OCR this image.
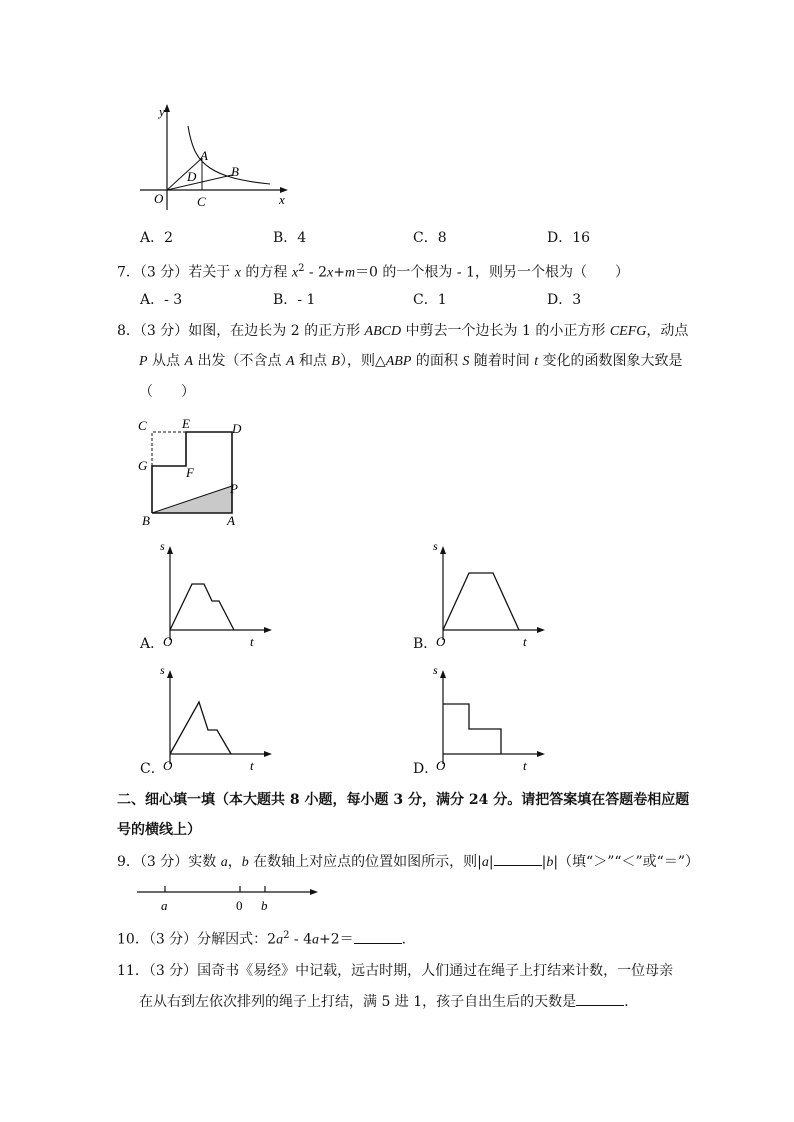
y
x
O
A
B
C
D
A．2	B．4	C．8	D．16
7．（3 分）若关于 x 的方程 $x^2 - 2x+m=0$ 的一个根为 - 1，则另一个根为（　　）
A．- 3	B．- 1	C．1	D．3
8．（3 分）如图，在边长为 2 的正方形 ABCD 中剪去一个边长为 1 的小正方形 CEFG，动点
P 从点 A 出发（不含点 A 和点 B），则△ABP 的面积 S 随着时间 t 变化的函数图象大致是
（　　）
C	E	D
G	F
P
B	A
A．
s
O	t	B．
s
O	t
C．
s
O	t	D．
s
O	t
二、细心填一填（本大题共 8 小题，每小题 3 分，满分 24 分。请把答案填在答题卷相应题
号的横线上）
9．（3 分）实数 a，b 在数轴上对应点的位置如图所示，则|a|	|b|（填“＞”“＜”或“＝”）
a	0 b
10．（3 分）分解因式：$2a^2 - 4a+2=$	.
11．（3 分）国奇书《易经》中记载，远古时期，人们通过在绳子上打结来计数，一位母亲
在从右到左依次排列的绳子上打结，满 5 进 1，孩子自出生后的天数是	.
